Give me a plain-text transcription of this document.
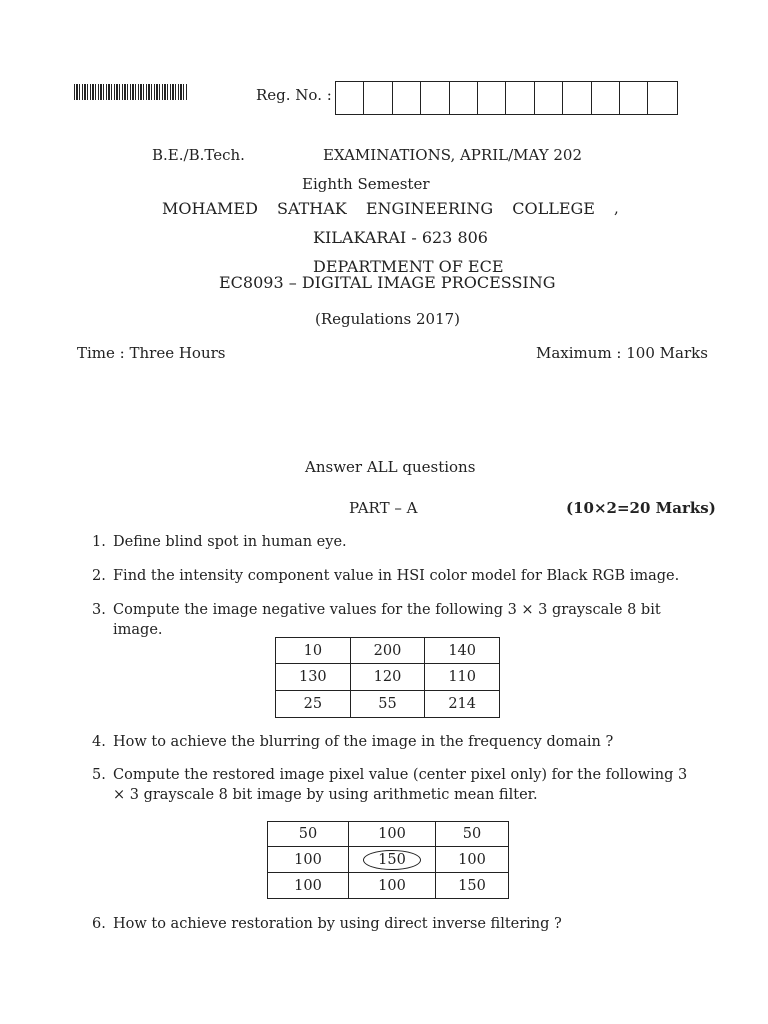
Reg. No. :
B.E./B.Tech.	EXAMINATIONS, APRIL/MAY 202
Eighth Semester
MOHAMED SATHAK ENGINEERING COLLEGE ,
KILAKARAI - 623 806
DEPARTMENT OF ECE
EC8093 – DIGITAL IMAGE PROCESSING
(Regulations 2017)
Time : Three Hours	Maximum : 100 Marks
Answer ALL questions
PART – A	(10×2=20 Marks)
1. Define blind spot in human eye.
2. Find the intensity component value in HSI color model for Black RGB image.
3. Compute the image negative values for the following 3 × 3 grayscale 8 bit image.
4. How to achieve the blurring of the image in the frequency domain ?
5. Compute the restored image pixel value (center pixel only) for the following 3 × 3 grayscale 8 bit image by using arithmetic mean filter.
6. How to achieve restoration by using direct inverse filtering ?
10	200	140
130	120	110
25	55	214
50	100	50
100	150	100
100	100	150
